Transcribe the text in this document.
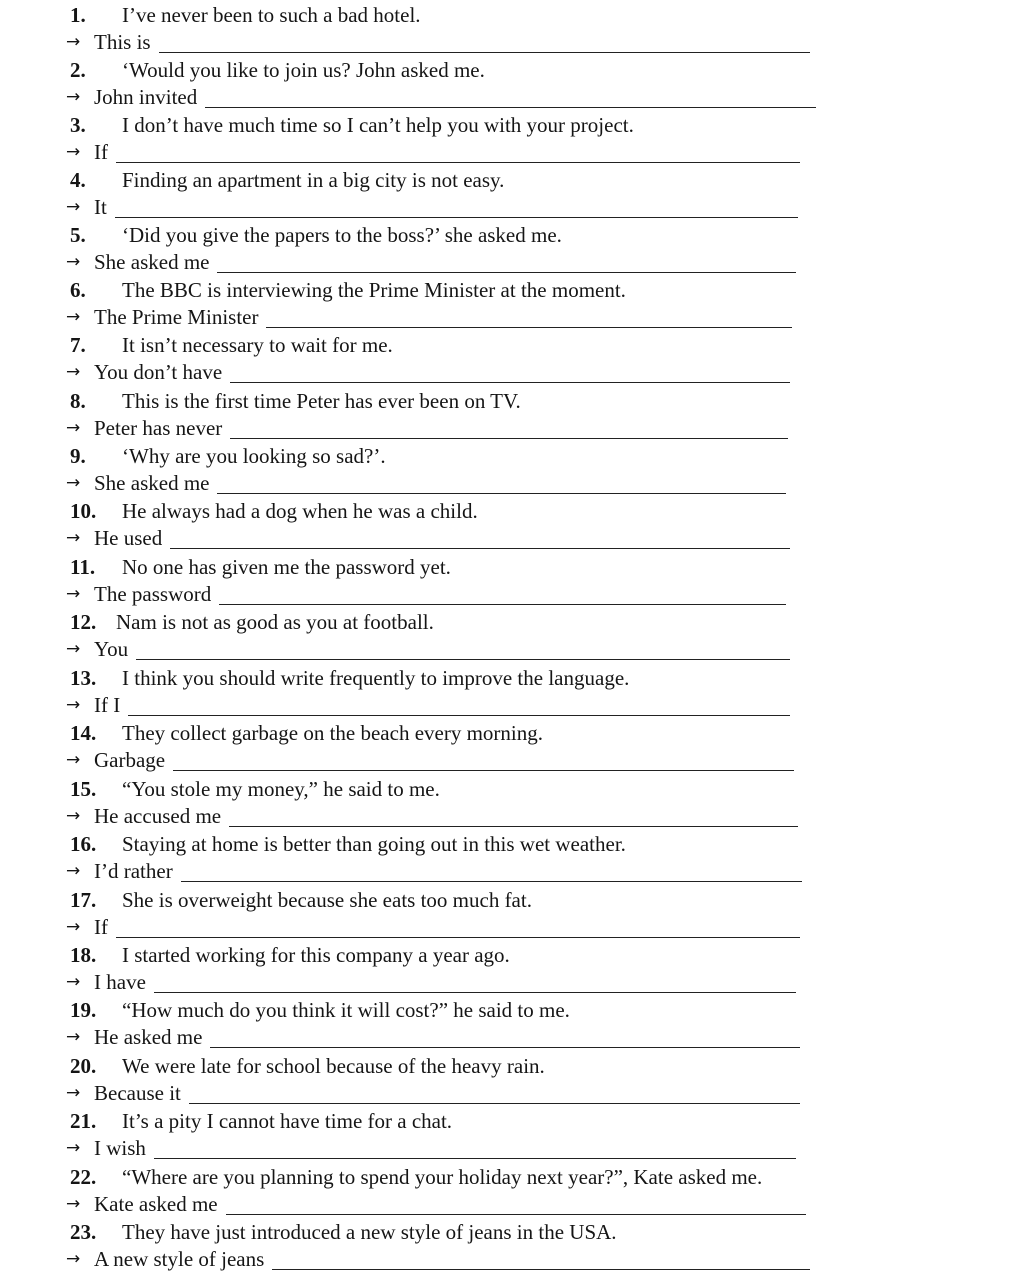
1. I’ve never been to such a bad hotel.
→ This is
2. ‘Would you like to join us? John asked me.
→ John invited
3. I don’t have much time so I can’t help you with your project.
→ If
4. Finding an apartment in a big city is not easy.
→ It
5. ‘Did you give the papers to the boss?’ she asked me.
→ She asked me
6. The BBC is interviewing the Prime Minister at the moment.
→ The Prime Minister
7. It isn’t necessary to wait for me.
→ You don’t have
8. This is the first time Peter has ever been on TV.
→ Peter has never
9. ‘Why are you looking so sad?’.
→ She asked me
10. He always had a dog when he was a child.
→ He used
11. No one has given me the password yet.
→ The password
12. Nam is not as good as you at football.
→ You
13. I think you should write frequently to improve the language.
→ If I
14. They collect garbage on the beach every morning.
→ Garbage
15. “You stole my money,” he said to me.
→ He accused me
16. Staying at home is better than going out in this wet weather.
→ I’d rather
17. She is overweight because she eats too much fat.
→ If
18. I started working for this company a year ago.
→ I have
19. “How much do you think it will cost?” he said to me.
→ He asked me
20. We were late for school because of the heavy rain.
→ Because it
21. It’s a pity I cannot have time for a chat.
→ I wish
22. “Where are you planning to spend your holiday next year?”, Kate asked me.
→ Kate asked me
23. They have just introduced a new style of jeans in the USA.
→ A new style of jeans
